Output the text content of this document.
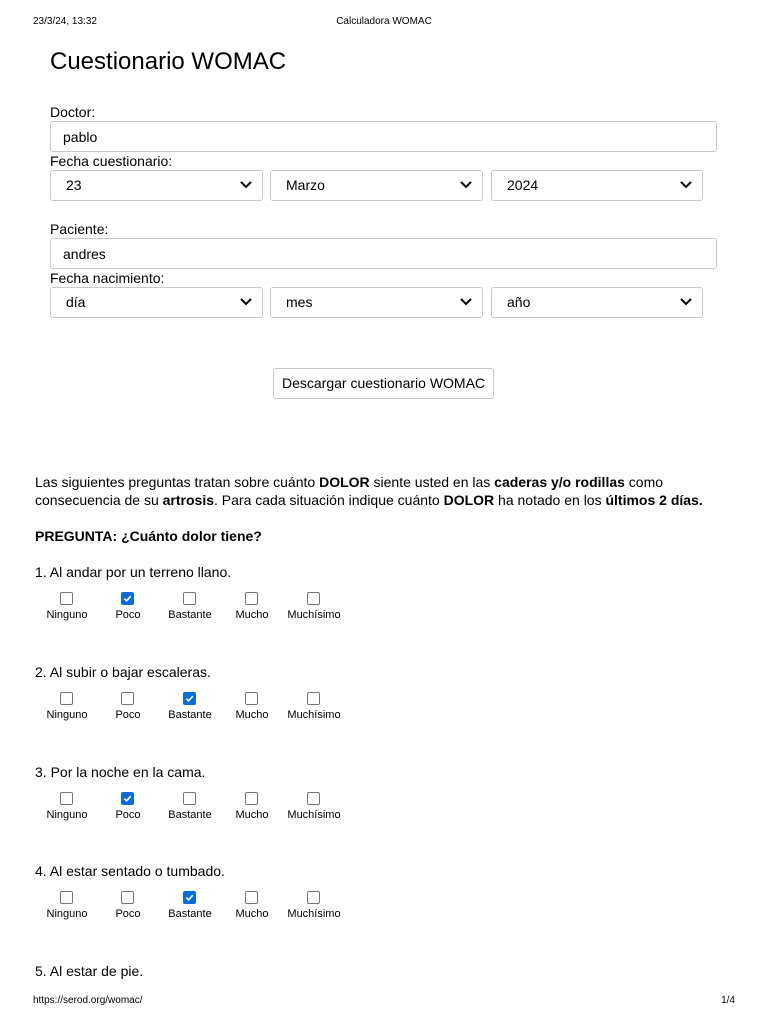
23/3/24, 13:32	Calculadora WOMAC
Cuestionario WOMAC
Doctor:
pablo
Fecha cuestionario:
23	Marzo	2024
Paciente:
andres
Fecha nacimiento:
día	mes	año
Descargar cuestionario WOMAC
Las siguientes preguntas tratan sobre cuánto DOLOR siente usted en las caderas y/o rodillas como consecuencia de su artrosis. Para cada situación indique cuánto DOLOR ha notado en los últimos 2 días.
PREGUNTA: ¿Cuánto dolor tiene?
1. Al andar por un terreno llano.
Ninguno	Poco	Bastante	Mucho	Muchísimo
2. Al subir o bajar escaleras.
Ninguno	Poco	Bastante	Mucho	Muchísimo
3. Por la noche en la cama.
Ninguno	Poco	Bastante	Mucho	Muchísimo
4. Al estar sentado o tumbado.
Ninguno	Poco	Bastante	Mucho	Muchísimo
5. Al estar de pie.
https://serod.org/womac/	1/4
